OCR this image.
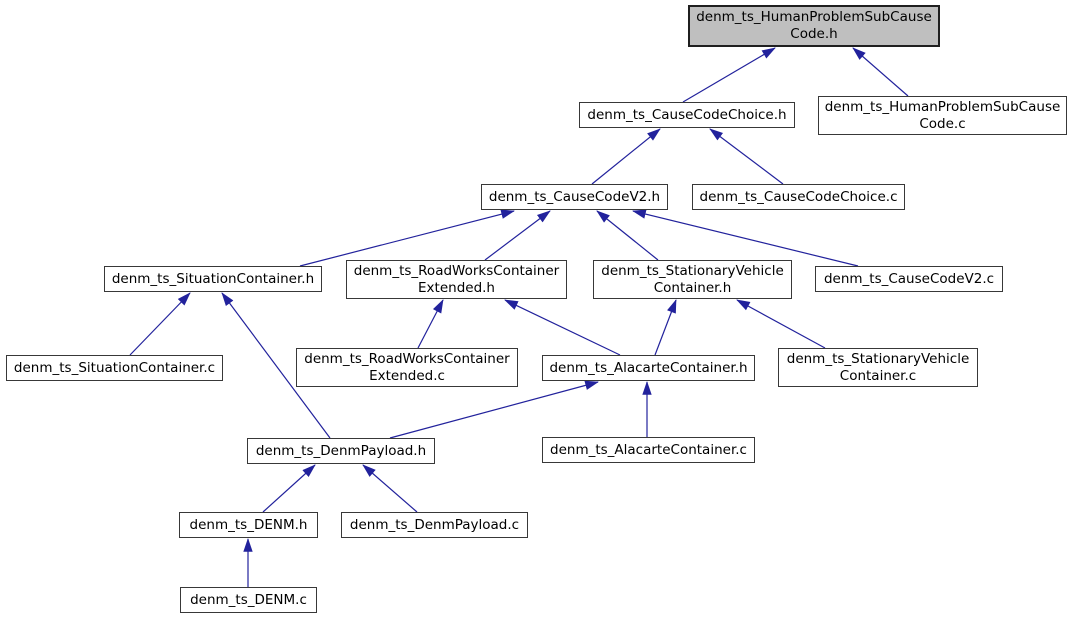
denm_ts_HumanProblemSubCause
Code.h
denm_ts_CauseCodeChoice.h	denm_ts_HumanProblemSubCause
Code.c
denm_ts_CauseCodeV2.h	denm_ts_CauseCodeChoice.c
denm_ts_SituationContainer.h	denm_ts_RoadWorksContainer
Extended.h
denm_ts_StationaryVehicle
Container.h
denm_ts_CauseCodeV2.c
denm_ts_SituationContainer.c
denm_ts_RoadWorksContainer
Extended.c	denm_ts_AlacarteContainer.h
denm_ts_StationaryVehicle
Container.c
denm_ts_DenmPayload.h	denm_ts_AlacarteContainer.c
denm_ts_DENM.h	denm_ts_DenmPayload.c
denm_ts_DENM.c
